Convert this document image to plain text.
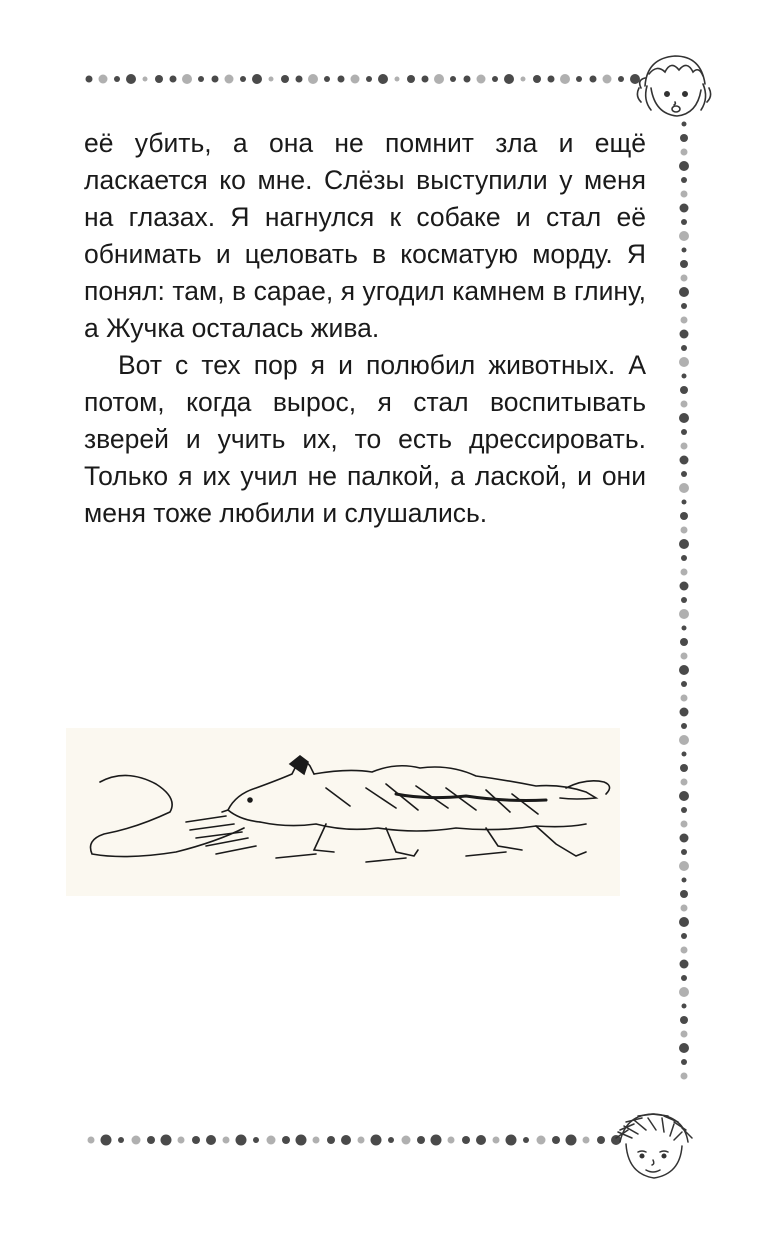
её убить, а она не помнит зла и ещё ласкается ко мне. Слёзы выступили у меня на глазах. Я нагнулся к собаке и стал её обнимать и целовать в косматую морду. Я понял: там, в сарае, я угодил камнем в глину, а Жучка осталась жива.

Вот с тех пор я и полюбил животных. А потом, когда вырос, я стал воспитывать зверей и учить их, то есть дрессировать. Только я их учил не палкой, а лаской, и они меня тоже любили и слушались.
